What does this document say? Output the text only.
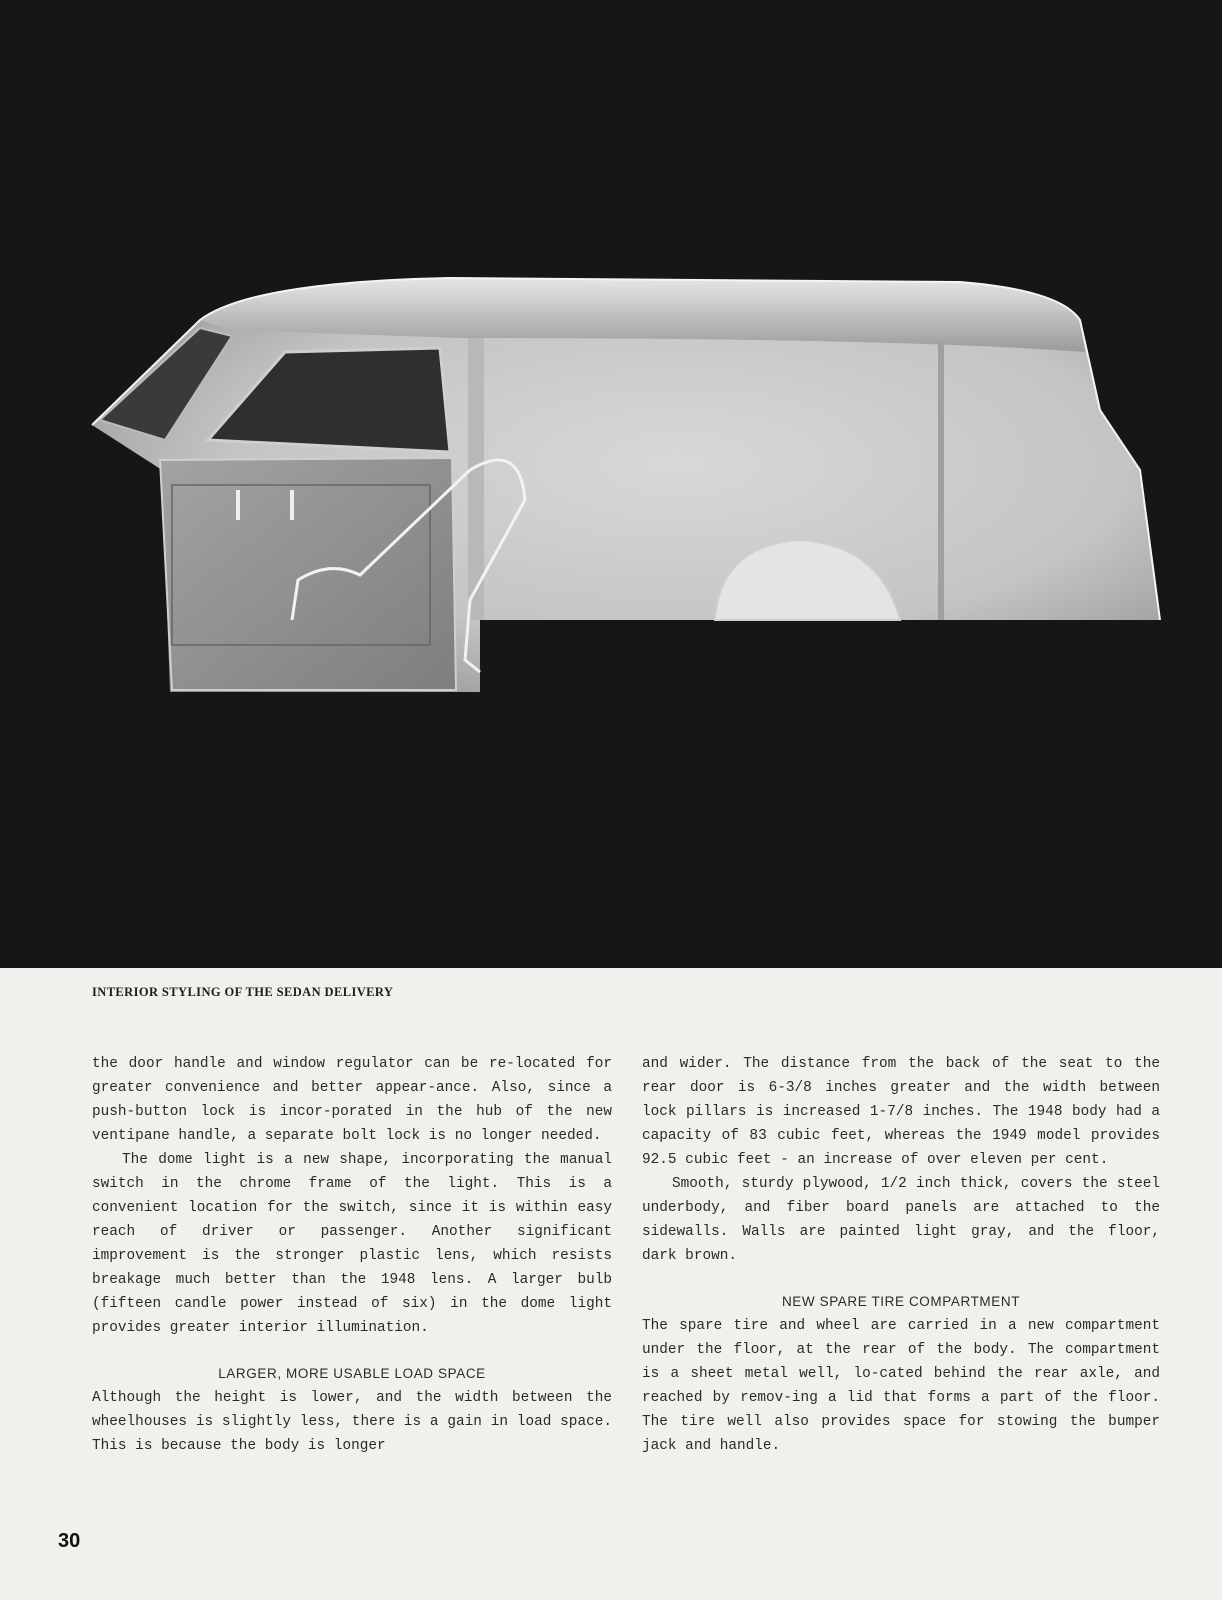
INTERIOR STYLING OF THE SEDAN DELIVERY

the door handle and window regulator can be re-located for greater convenience and better appear-ance. Also, since a push-button lock is incor-porated in the hub of the new ventipane handle, a separate bolt lock is no longer needed.

The dome light is a new shape, incorporating the manual switch in the chrome frame of the light. This is a convenient location for the switch, since it is within easy reach of driver or passenger. Another significant improvement is the stronger plastic lens, which resists breakage much better than the 1948 lens. A larger bulb (fifteen candle power instead of six) in the dome light provides greater interior illumination.

LARGER, MORE USABLE LOAD SPACE

Although the height is lower, and the width between the wheelhouses is slightly less, there is a gain in load space. This is because the body is longer

and wider. The distance from the back of the seat to the rear door is 6-3/8 inches greater and the width between lock pillars is increased 1-7/8 inches. The 1948 body had a capacity of 83 cubic feet, whereas the 1949 model provides 92.5 cubic feet - an increase of over eleven per cent.

Smooth, sturdy plywood, 1/2 inch thick, covers the steel underbody, and fiber board panels are attached to the sidewalls. Walls are painted light gray, and the floor, dark brown.

NEW SPARE TIRE COMPARTMENT

The spare tire and wheel are carried in a new compartment under the floor, at the rear of the body. The compartment is a sheet metal well, lo-cated behind the rear axle, and reached by remov-ing a lid that forms a part of the floor. The tire well also provides space for stowing the bumper jack and handle.

30
